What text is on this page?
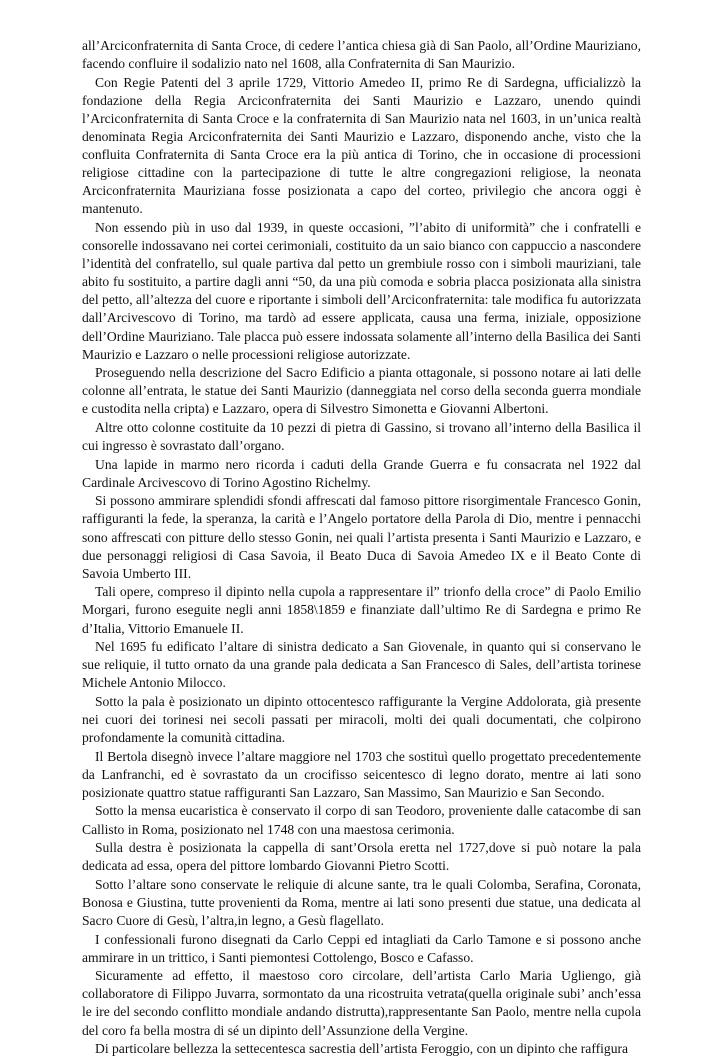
all’Arciconfraternita di Santa Croce, di cedere l’antica chiesa già di San Paolo, all’Ordine Mauriziano, facendo confluire il sodalizio nato nel 1608, alla Confraternita di San Maurizio.

Con Regie Patenti del 3 aprile 1729, Vittorio Amedeo II, primo Re di Sardegna, ufficializzò la fondazione della Regia Arciconfraternita dei Santi Maurizio e Lazzaro, unendo quindi l’Arciconfraternita di Santa Croce e la confraternita di San Maurizio nata nel 1603, in un’unica realtà denominata Regia Arciconfraternita dei Santi Maurizio e Lazzaro, disponendo anche, visto che la confluita Confraternita di Santa Croce era la più antica di Torino, che in occasione di processioni religiose cittadine con la partecipazione di tutte le altre congregazioni religiose, la neonata Arciconfraternita Mauriziana fosse posizionata a capo del corteo, privilegio che ancora oggi è mantenuto.

Non essendo più in uso dal 1939, in queste occasioni, ”l’abito di uniformità” che i confratelli e consorelle indossavano nei cortei cerimoniali, costituito da un saio bianco con cappuccio a nascondere l’identità del confratello, sul quale partiva dal petto un grembiule rosso con i simboli mauriziani, tale abito fu sostituito, a partire dagli anni “50, da una più comoda e sobria placca posizionata alla sinistra del petto, all’altezza del cuore e riportante i simboli dell’Arciconfraternita: tale modifica fu autorizzata dall’Arcivescovo di Torino, ma tardò ad essere applicata, causa una ferma, iniziale, opposizione dell’Ordine Mauriziano. Tale placca può essere indossata solamente all’interno della Basilica dei Santi Maurizio e Lazzaro o nelle processioni religiose autorizzate.

Proseguendo nella descrizione del Sacro Edificio a pianta ottagonale, si possono notare ai lati delle colonne all’entrata, le statue dei Santi Maurizio (danneggiata nel corso della seconda guerra mondiale e custodita nella cripta) e Lazzaro, opera di Silvestro Simonetta e Giovanni Albertoni.

Altre otto colonne costituite da 10 pezzi di pietra di Gassino, si trovano all’interno della Basilica il cui ingresso è sovrastato dall’organo.

Una lapide in marmo nero ricorda i caduti della Grande Guerra e fu consacrata nel 1922 dal Cardinale Arcivescovo di Torino Agostino Richelmy.

Si possono ammirare splendidi sfondi affrescati dal famoso pittore risorgimentale Francesco Gonin, raffiguranti la fede, la speranza, la carità e l’Angelo portatore della Parola di Dio, mentre i pennacchi sono affrescati con pitture dello stesso Gonin, nei quali l’artista presenta i Santi Maurizio e Lazzaro, e due personaggi religiosi di Casa Savoia, il Beato Duca di Savoia Amedeo IX e il Beato Conte di Savoia Umberto III.

Tali opere, compreso il dipinto nella cupola a rappresentare il” trionfo della croce” di Paolo Emilio Morgari, furono eseguite negli anni 1858\1859 e finanziate dall’ultimo Re di Sardegna e primo Re d’Italia, Vittorio Emanuele II.

Nel 1695 fu edificato l’altare di sinistra dedicato a San Giovenale, in quanto qui si conservano le sue reliquie, il tutto ornato da una grande pala dedicata a San Francesco di Sales, dell’artista torinese Michele Antonio Milocco.

Sotto la pala è posizionato un dipinto ottocentesco raffigurante la Vergine Addolorata, già presente nei cuori dei torinesi nei secoli passati per miracoli, molti dei quali documentati, che colpirono profondamente la comunità cittadina.

Il Bertola disegnò invece l’altare maggiore nel 1703 che sostituì quello progettato precedentemente da Lanfranchi, ed è sovrastato da un crocifisso seicentesco di legno dorato, mentre ai lati sono posizionate quattro statue raffiguranti San Lazzaro, San Massimo, San Maurizio e San Secondo.

Sotto la mensa eucaristica è conservato il corpo di san Teodoro, proveniente dalle catacombe di san Callisto in Roma, posizionato nel 1748 con una maestosa cerimonia.

Sulla destra è posizionata la cappella di sant’Orsola eretta nel 1727,dove si può notare la pala dedicata ad essa, opera del pittore lombardo Giovanni Pietro Scotti.

Sotto l’altare sono conservate le reliquie di alcune sante, tra le quali Colomba, Serafina, Coronata, Bonosa e Giustina, tutte provenienti da Roma, mentre ai lati sono presenti due statue, una dedicata al Sacro Cuore di Gesù, l’altra,in legno, a Gesù flagellato.

I confessionali furono disegnati da Carlo Ceppi ed intagliati da Carlo Tamone e si possono anche ammirare in un trittico, i Santi piemontesi Cottolengo, Bosco e Cafasso.

Sicuramente ad effetto, il maestoso coro circolare, dell’artista Carlo Maria Ugliengo, già collaboratore di Filippo Juvarra, sormontato da una ricostruita vetrata(quella originale subi’ anch’essa le ire del secondo conflitto mondiale andando distrutta),rappresentante San Paolo, mentre nella cupola del coro fa bella mostra di sé un dipinto dell’Assunzione della Vergine.

Di particolare bellezza la settecentesca sacrestia dell’artista Feroggio, con un dipinto che raffigura
